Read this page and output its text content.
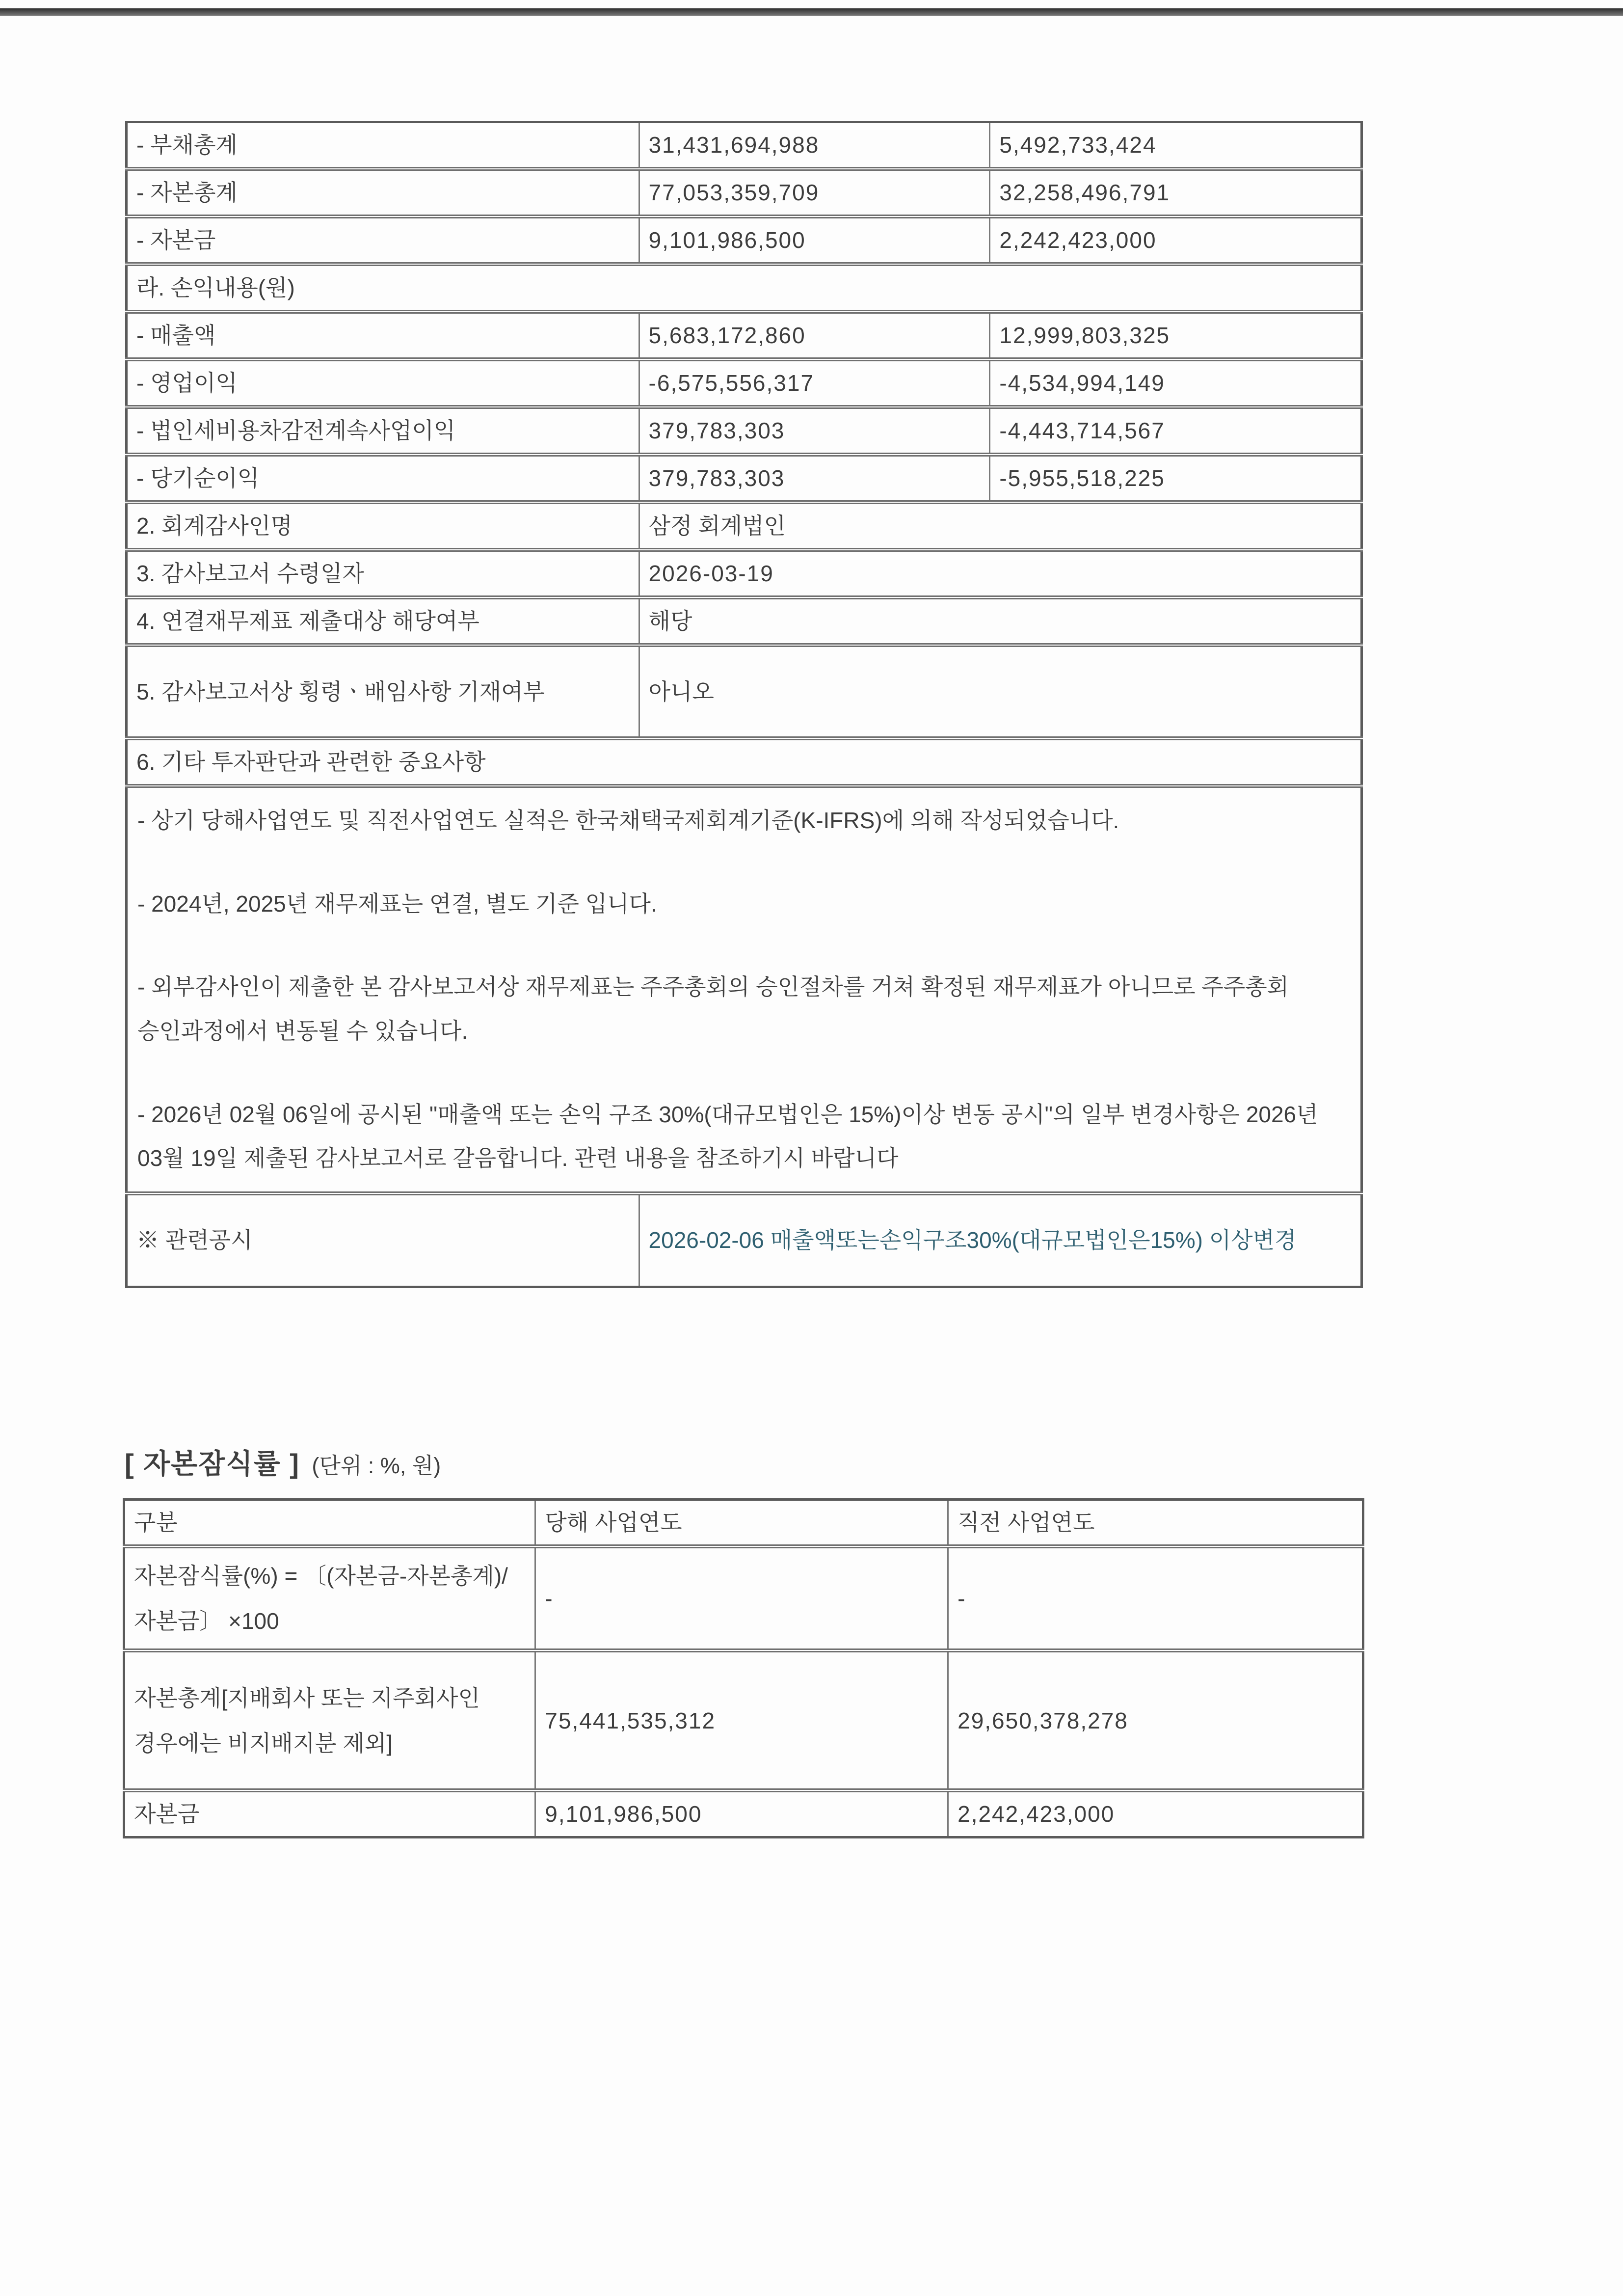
- 부채총계	31,431,694,988	5,492,733,424
- 자본총계	77,053,359,709	32,258,496,791
- 자본금	9,101,986,500	2,242,423,000
라. 손익내용(원)		
- 매출액	5,683,172,860	12,999,803,325
- 영업이익	-6,575,556,317	-4,534,994,149
- 법인세비용차감전계속사업이익	379,783,303	-4,443,714,567
- 당기순이익	379,783,303	-5,955,518,225
2. 회계감사인명	삼정 회계법인	
3. 감사보고서 수령일자	2026-03-19	
4. 연결재무제표 제출대상 해당여부	해당	
5. 감사보고서상 횡령ㆍ배임사항 기재여부	아니오	
6. 기타 투자판단과 관련한 중요사항		

- 상기 당해사업연도 및 직전사업연도 실적은 한국채택국제회계기준(K-IFRS)에 의해 작성되었습니다.

- 2024년, 2025년 재무제표는 연결, 별도 기준 입니다.

- 외부감사인이 제출한 본 감사보고서상 재무제표는 주주총회의 승인절차를 거쳐 확정된 재무제표가 아니므로 주주총회 승인과정에서 변동될 수 있습니다.

- 2026년 02월 06일에 공시된 "매출액 또는 손익 구조 30%(대규모법인은 15%)이상 변동 공시"의 일부 변경사항은 2026년 03월 19일 제출된 감사보고서로 갈음합니다. 관련 내용을 참조하기시 바랍니다		

※ 관련공시	2026-02-06 매출액또는손익구조30%(대규모법인은15%) 이상변경	
[ 자본잠식률 ] (단위 : %, 원)
구분	당해 사업연도	직전 사업연도
자본잠식률(%) = 〔(자본금-자본총계)/자본금〕 ×100	-	-
자본총계[지배회사 또는 지주회사인 경우에는 비지배지분 제외]	75,441,535,312	29,650,378,278
자본금	9,101,986,500	2,242,423,000
